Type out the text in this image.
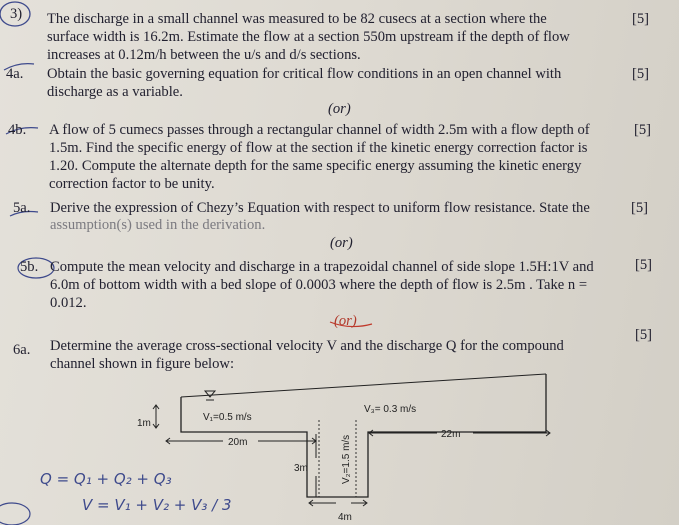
3) The discharge in a small channel was measured to be 82 cusecs at a section where the
surface width is 16.2m. Estimate the flow at a section 550m upstream if the depth of flow
increases at 0.12m/h between the u/s and d/s sections.
[5]
4a. Obtain the basic governing equation for critical flow conditions in an open channel with
discharge as a variable.
[5]
(or)
4b. A flow of 5 cumecs passes through a rectangular channel of width 2.5m with a flow depth of
1.5m. Find the specific energy of flow at the section if the kinetic energy correction factor is
1.20. Compute the alternate depth for the same specific energy assuming the kinetic energy
correction factor to be unity.
[5]
5a. Derive the expression of Chezy’s Equation with respect to uniform flow resistance. State the
assumption(s) used in the derivation.
[5]
(or)
5b. Compute the mean velocity and discharge in a trapezoidal channel of side slope 1.5H:1V and
6.0m of bottom width with a bed slope of 0.0003 where the depth of flow is 2.5m . Take n =
0.012.
[5]
(or)
6a. Determine the average cross-sectional velocity V and the discharge Q for the compound
channel shown in figure below:
[5]
1m
V₁=0.5 m/s
V₃= 0.3 m/s
20m
22m
3m
4m
V₂=1.5 m/s
Q = Q₁ + Q₂ + Q₃
V = V₁ + V₂ + V₃ / 3
